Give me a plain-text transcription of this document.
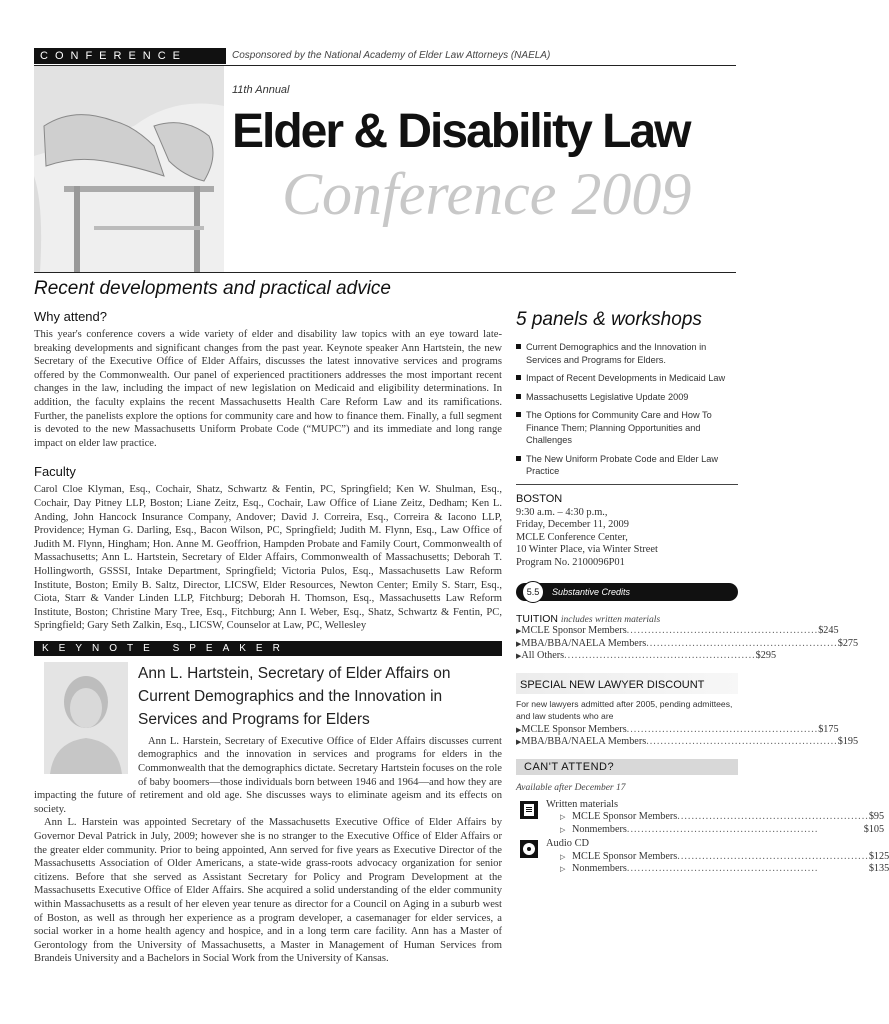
CONFERENCE	Cosponsored by the National Academy of Elder Law Attorneys (NAELA)
11th Annual
Elder & Disability Law
Conference 2009
Recent developments and practical advice
Why attend?

This year's conference covers a wide variety of elder and disability law topics with an eye toward late-breaking developments and significant changes from the past year. Keynote speaker Ann Hartstein, the new Secretary of the Executive Office of Elder Affairs, discusses the latest innovative services and programs offered by the Commonwealth. Our panel of experienced practitioners addresses the most important recent changes in the law, including the impact of new legislation on Medicaid and eligibility determinations. In addition, the faculty explains the recent Massachusetts Health Care Reform Law and its ramifications. Further, the panelists explore the options for community care and how to finance them. Finally, a full segment is devoted to the new Massachusetts Uniform Probate Code (“MUPC”) and its immediate and long range impact on elder law practice.

Faculty

Carol Cloe Klyman, Esq., Cochair, Shatz, Schwartz & Fentin, PC, Springfield; Ken W. Shulman, Esq., Cochair, Day Pitney LLP, Boston; Liane Zeitz, Esq., Cochair, Law Office of Liane Zeitz, Dedham; Ken L. Anding, John Hancock Insurance Company, Andover; David J. Correira, Esq., Correira & Iacono LLP, Providence; Hyman G. Darling, Esq., Bacon Wilson, PC, Springfield; Judith M. Flynn, Esq., Law Office of Judith M. Flynn, Hingham; Hon. Anne M. Geoffrion, Hampden Probate and Family Court, Commonwealth of Massachusetts; Ann L. Hartstein, Secretary of Elder Affairs, Commonwealth of Massachusetts; Deborah T. Hollingworth, GSSSI, Intake Department, Springfield; Victoria Pulos, Esq., Massachusetts Law Reform Institute, Boston; Emily B. Saltz, Director, LICSW, Elder Resources, Newton Center; Emily S. Starr, Esq., Ciota, Starr & Vander Linden LLP, Fitchburg; Deborah H. Thomson, Esq., Massachusetts Law Reform Institute, Boston; Christine Mary Tree, Esq., Fitchburg; Ann I. Weber, Esq., Shatz, Schwartz & Fentin, PC, Springfield; Gary Seth Zalkin, Esq., LICSW, Counselor at Law, PC, Wellesley

KEYNOTE SPEAKER
Ann L. Hartstein, Secretary of Elder Affairs on Current Demographics and the Innovation in Services and Programs for Elders

Ann L. Harstein, Secretary of Executive Office of Elder Affairs discusses current demographics and the innovation in services and programs for elders in the Commonwealth that the demographics dictate. Secretary Hartstein focuses on the role of baby boomers—those individuals born between 1946 and 1964—and how they are impacting the future of retirement and old age. She discusses ways to eliminate ageism and its effects on society.

Ann L. Harstein was appointed Secretary of the Massachusetts Executive Office of Elder Affairs by Governor Deval Patrick in July, 2009; however she is no stranger to the Executive Office of Elder Affairs or the greater elder community. Prior to being appointed, Ann served for five years as Executive Director of the Massachusetts Association of Older Americans, a state-wide grass-roots advocacy organization for senior citizens. Before that she served as Assistant Secretary for Policy and Program Development at the Massachusetts Executive Office of Elder Affairs. She acquired a solid understanding of the elder community within Massachusetts as a result of her eleven year tenure as director for a Council on Aging in a suburb west of Boston, as well as through her experience as a program developer, a casemanager for elder services, a social worker in a home health agency and hospice, and in a long term care facility. Ann has a Master of Gerontology from the University of Massachusetts, a Master in Management of Human Services from Brandeis University and a Bachelors in Social Work from the University of Kansas.

5 panels & workshops
Current Demographics and the Innovation in Services and Programs for Elders.
Impact of Recent Developments in Medicaid Law
Massachusetts Legislative Update 2009
The Options for Community Care and How To Finance Them; Planning Opportunities and Challenges
The New Uniform Probate Code and Elder Law Practice
BOSTON
9:30 a.m. – 4:30 p.m.,
Friday, December 11, 2009
MCLE Conference Center,
10 Winter Place, via Winter Street
Program No. 2100096P01
5.5	Substantive Credits
TUITION includes written materials
▶ MCLE Sponsor Members .....	$245
▶ MBA/BBA/NAELA Members .....	$275
▶ All Others .....	$295
SPECIAL NEW LAWYER DISCOUNT
For new lawyers admitted after 2005, pending admittees, and law students who are
▶ MCLE Sponsor Members .....	$175
▶ MBA/BBA/NAELA Members .....	$195
CAN'T ATTEND?
Available after December 17
Written materials
▷ MCLE Sponsor Members .....	$95
▷ Nonmembers .....	$105
Audio CD
▷ MCLE Sponsor Members .....	$125
▷ Nonmembers .....	$135
